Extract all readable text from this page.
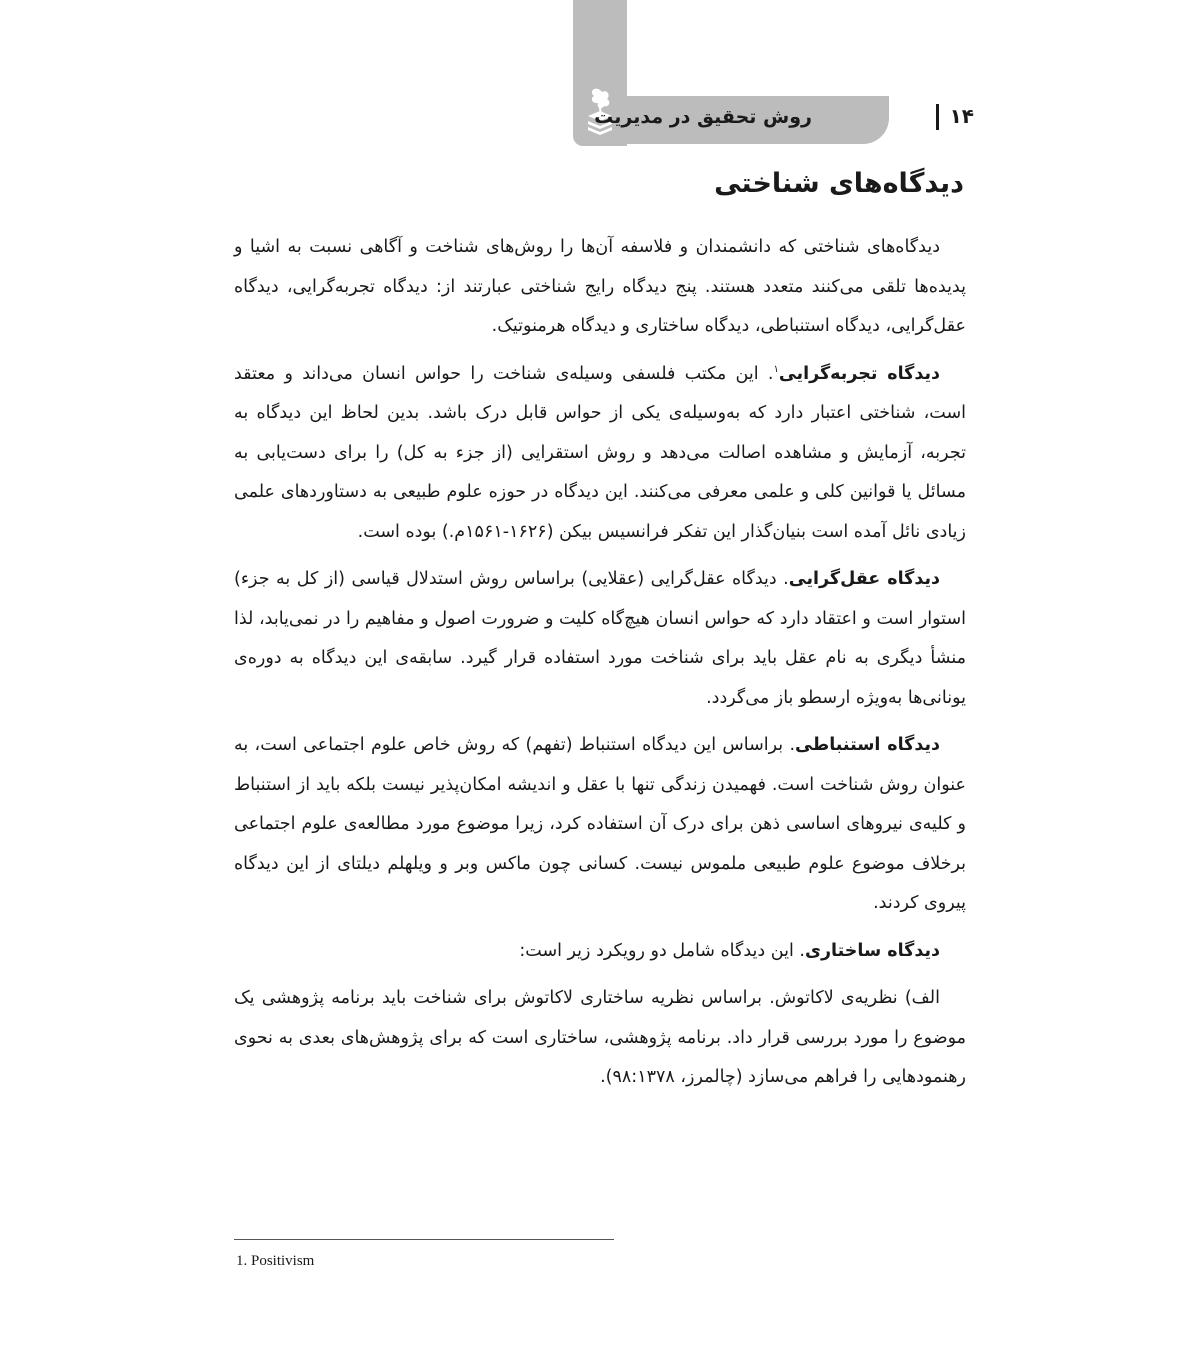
روش تحقیق در مدیریت	۱۴
دیدگاه‌های شناختی

دیدگاه‌های شناختی که دانشمندان و فلاسفه آن‌ها را روش‌های شناخت و آگاهی نسبت به اشیا و پدیده‌ها تلقی می‌کنند متعدد هستند. پنج دیدگاه رایج شناختی عبارتند از: دیدگاه تجربه‌گرایی، دیدگاه عقل‌گرایی، دیدگاه استنباطی، دیدگاه ساختاری و دیدگاه هرمنوتیک.

دیدگاه تجربه‌گرایی$^۱$. این مکتب فلسفی وسیله‌ی شناخت را حواس انسان می‌داند و معتقد است، شناختی اعتبار دارد که به‌وسیله‌ی یکی از حواس قابل درک باشد. بدین لحاظ این دیدگاه به تجربه، آزمایش و مشاهده اصالت می‌دهد و روش استقرایی (از جزء به کل) را برای دست‌یابی به مسائل یا قوانین کلی و علمی معرفی می‌کنند. این دیدگاه در حوزه علوم طبیعی به دستاوردهای علمی زیادی نائل آمده است بنیان‌گذار این تفکر فرانسیس بیکن (۱۶۲۶-۱۵۶۱م.) بوده است.

دیدگاه عقل‌گرایی. دیدگاه عقل‌گرایی (عقلایی) براساس روش استدلال قیاسی (از کل به جزء) استوار است و اعتقاد دارد که حواس انسان هیچ‌گاه کلیت و ضرورت اصول و مفاهیم را در نمی‌یابد، لذا منشأ دیگری به نام عقل باید برای شناخت مورد استفاده قرار گیرد. سابقه‌ی این دیدگاه به دوره‌ی یونانی‌ها به‌ویژه ارسطو باز می‌گردد.

دیدگاه استنباطی. براساس این دیدگاه استنباط (تفهم) که روش خاص علوم اجتماعی است، به عنوان روش شناخت است. فهمیدن زندگی تنها با عقل و اندیشه امکان‌پذیر نیست بلکه باید از استنباط و کلیه‌ی نیروهای اساسی ذهن برای درک آن استفاده کرد، زیرا موضوع مورد مطالعه‌ی علوم اجتماعی برخلاف موضوع علوم طبیعی ملموس نیست. کسانی چون ماکس وبر و ویلهلم دیلتای از این دیدگاه پیروی کردند.

دیدگاه ساختاری. این دیدگاه شامل دو رویکرد زیر است:

الف) نظریه‌ی لاکاتوش. براساس نظریه ساختاری لاکاتوش برای شناخت باید برنامه پژوهشی یک موضوع را مورد بررسی قرار داد. برنامه پژوهشی، ساختاری است که برای پژوهش‌های بعدی به نحوی رهنمودهایی را فراهم می‌سازد (چالمرز، ۹۸:۱۳۷۸).

1. Positivism
